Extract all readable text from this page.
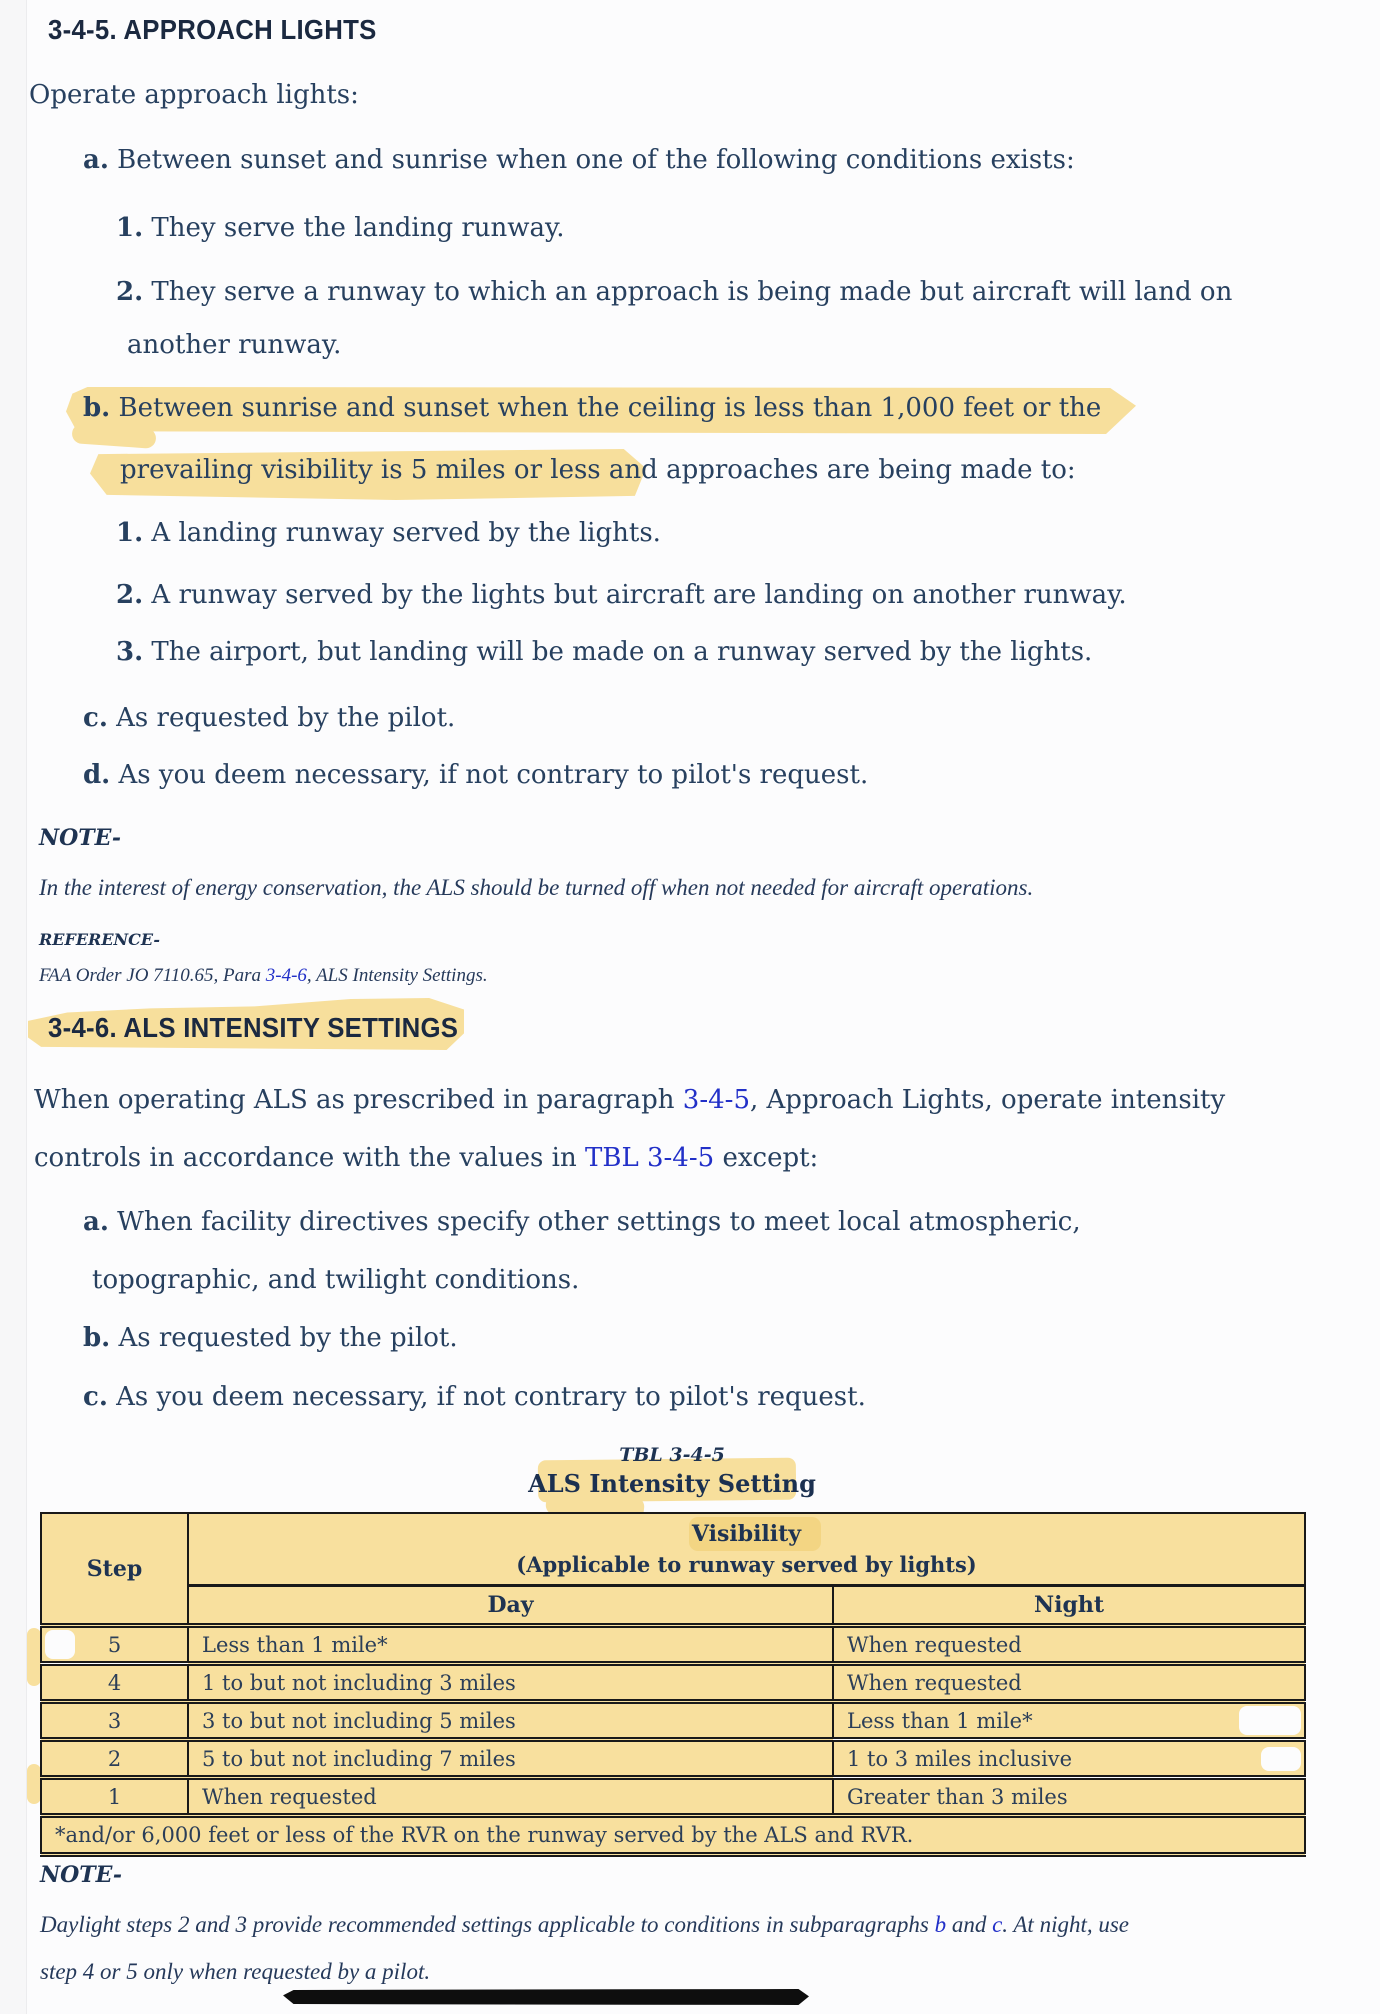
3-4-5. APPROACH LIGHTS
Operate approach lights:
a. Between sunset and sunrise when one of the following conditions exists:
1. They serve the landing runway.
2. They serve a runway to which an approach is being made but aircraft will land on
another runway.
b. Between sunrise and sunset when the ceiling is less than 1,000 feet or the
prevailing visibility is 5 miles or less and approaches are being made to:
1. A landing runway served by the lights.
2. A runway served by the lights but aircraft are landing on another runway.
3. The airport, but landing will be made on a runway served by the lights.
c. As requested by the pilot.
d. As you deem necessary, if not contrary to pilot's request.
NOTE-
In the interest of energy conservation, the ALS should be turned off when not needed for aircraft operations.
REFERENCE-
FAA Order JO 7110.65, Para 3-4-6, ALS Intensity Settings.
3-4-6. ALS INTENSITY SETTINGS
When operating ALS as prescribed in paragraph 3-4-5, Approach Lights, operate intensity
controls in accordance with the values in TBL 3-4-5 except:
a. When facility directives specify other settings to meet local atmospheric,
topographic, and twilight conditions.
b. As requested by the pilot.
c. As you deem necessary, if not contrary to pilot's request.
TBL 3-4-5
ALS Intensity Setting
Step	Visibility
(Applicable to runway served by lights)	

	Day	Night

5	Less than 1 mile*	When requested
4	1 to but not including 3 miles	When requested
3	3 to but not including 5 miles	Less than 1 mile*
2	5 to but not including 7 miles	1 to 3 miles inclusive
1	When requested	Greater than 3 miles
*and/or 6,000 feet or less of the RVR on the runway served by the ALS and RVR.		
NOTE-
Daylight steps 2 and 3 provide recommended settings applicable to conditions in subparagraphs b and c. At night, use
step 4 or 5 only when requested by a pilot.
